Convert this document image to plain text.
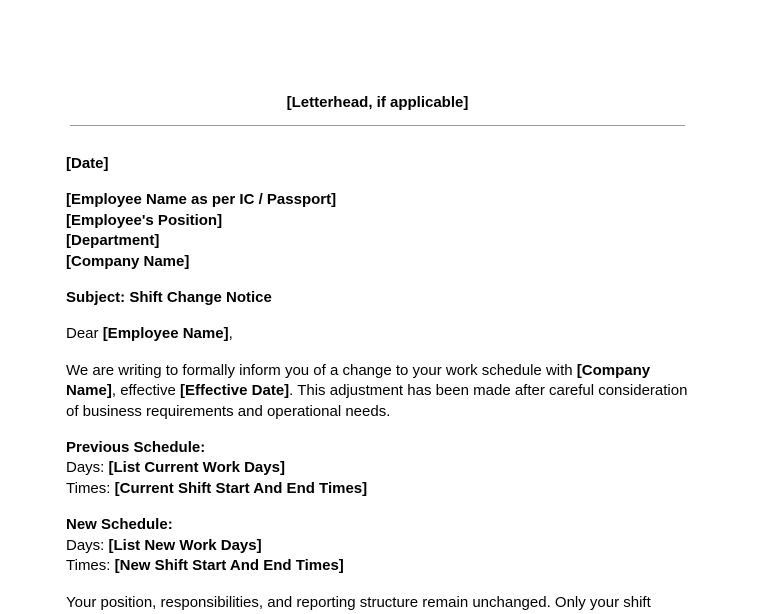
[Letterhead, if applicable]

[Date]

[Employee Name as per IC / Passport]
[Employee's Position]
[Department]
[Company Name]

Subject: Shift Change Notice

Dear [Employee Name],

We are writing to formally inform you of a change to your work schedule with [Company Name], effective [Effective Date]. This adjustment has been made after careful consideration of business requirements and operational needs.

Previous Schedule:
Days: [List Current Work Days]
Times: [Current Shift Start And End Times]

New Schedule:
Days: [List New Work Days]
Times: [New Shift Start And End Times]

Your position, responsibilities, and reporting structure remain unchanged. Only your shift
